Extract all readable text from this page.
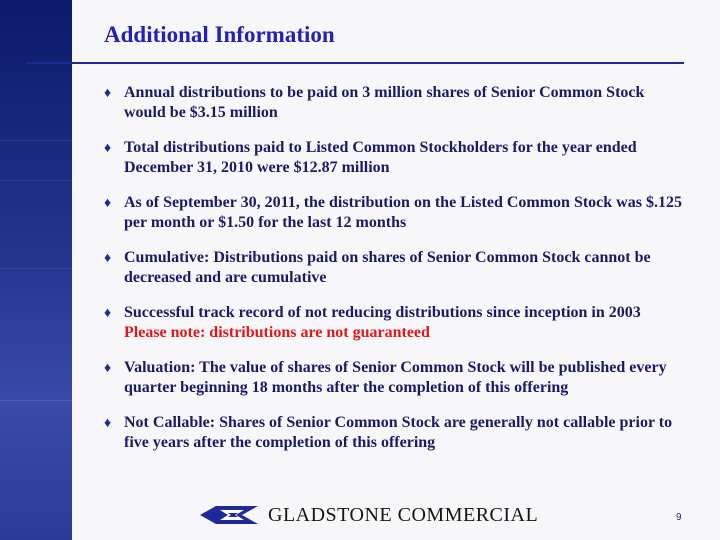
Additional Information
♦ Annual distributions to be paid on 3 million shares of Senior Common Stock would be $3.15 million
♦ Total distributions paid to Listed Common Stockholders for the year ended December 31, 2010 were $12.87 million
♦ As of September 30, 2011, the distribution on the Listed Common Stock was $.125 per month or $1.50 for the last 12 months
♦ Cumulative: Distributions paid on shares of Senior Common Stock cannot be decreased and are cumulative
♦ Successful track record of not reducing distributions since inception in 2003   Please note: distributions are not guaranteed
♦ Valuation: The value of shares of Senior Common Stock will be published every quarter beginning 18 months after the completion of this offering
♦ Not Callable: Shares of Senior Common Stock are generally not callable prior to five years after the completion of this offering
GLADSTONE COMMERCIAL	9
